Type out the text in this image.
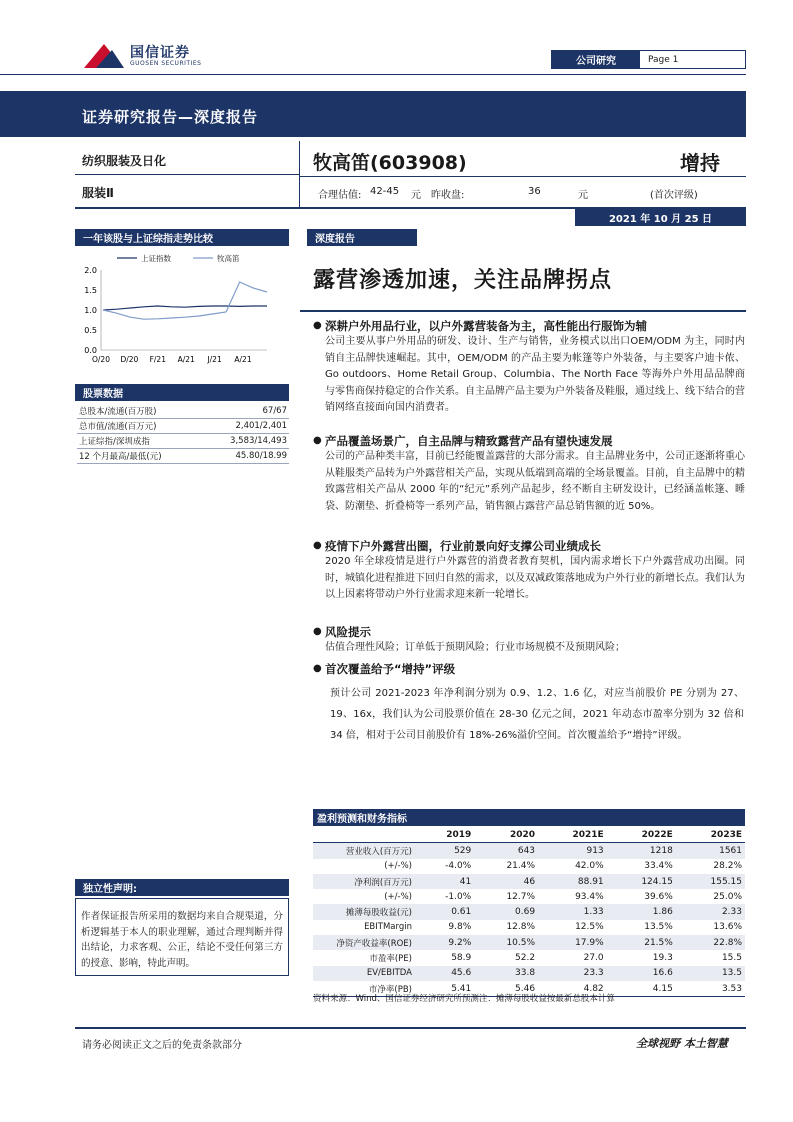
国信证券
GUOSEN SECURITIES	公司研究	Page 1
证券研究报告—深度报告
纺织服装及日化
服装Ⅱ
牧高笛(603908)	增持
合理估值: 42-45	元	昨收盘:	36	元	(首次评级)
2021 年 10 月 25 日
一年该股与上证综指走势比较
上证指数	牧高笛
2.0
1.5
1.0
0.5
0.0
O/20 D/20 F/21 A/21 J/21 A/21
股票数据
总股本/流通(百万股)	67/67
总市值/流通(百万元)	2,401/2,401
上证综指/深圳成指	3,583/14,493
12 个月最高/最低(元)	45.80/18.99
独立性声明:
作者保证报告所采用的数据均来自合规渠道，分析逻辑基于本人的职业理解，通过合理判断并得出结论，力求客观、公正，结论不受任何第三方的授意、影响，特此声明。
深度报告
露营渗透加速，关注品牌拐点
● 深耕户外用品行业，以户外露营装备为主，高性能出行服饰为辅
公司主要从事户外用品的研发、设计、生产与销售，业务模式以出口OEM/ODM 为主，同时内销自主品牌快速崛起。其中，OEM/ODM 的产品主要为帐篷等户外装备，与主要客户迪卡侬、Go outdoors、Home Retail Group、Columbia、The North Face 等海外户外用品品牌商与零售商保持稳定的合作关系。自主品牌产品主要为户外装备及鞋服，通过线上、线下结合的营销网络直接面向国内消费者。
● 产品覆盖场景广，自主品牌与精致露营产品有望快速发展
公司的产品种类丰富，目前已经能覆盖露营的大部分需求。自主品牌业务中，公司正逐渐将重心从鞋服类产品转为户外露营相关产品，实现从低端到高端的全场景覆盖。目前，自主品牌中的精致露营相关产品从 2000 年的“纪元”系列产品起步，经不断自主研发设计，已经涵盖帐篷、睡袋、防潮垫、折叠椅等一系列产品，销售额占露营产品总销售额的近 50%。
● 疫情下户外露营出圈，行业前景向好支撑公司业绩成长
2020 年全球疫情是进行户外露营的消费者教育契机，国内需求增长下户外露营成功出圈。同时，城镇化进程推进下回归自然的需求，以及双减政策落地成为户外行业的新增长点。我们认为以上因素将带动户外行业需求迎来新一轮增长。
● 风险提示
估值合理性风险；订单低于预期风险；行业市场规模不及预期风险；
● 首次覆盖给予“增持”评级
预计公司 2021-2023 年净利润分别为 0.9、1.2、1.6 亿，对应当前股价 PE 分别为 27、19、16x，我们认为公司股票价值在 28-30 亿元之间，2021 年动态市盈率分别为 32 倍和 34 倍，相对于公司目前股价有 18%-26%溢价空间。首次覆盖给予“增持”评级。
盈利预测和财务指标
	2019	2020	2021E	2022E	2023E
营业收入(百万元)	529	643	913	1218	1561
(+/-%)	-4.0%	21.4%	42.0%	33.4%	28.2%
净利润(百万元)	41	46	88.91	124.15	155.15
(+/-%)	-1.0%	12.7%	93.4%	39.6%	25.0%
摊薄每股收益(元)	0.61	0.69	1.33	1.86	2.33
EBITMargin	9.8%	12.8%	12.5%	13.5%	13.6%
净资产收益率(ROE)	9.2%	10.5%	17.9%	21.5%	22.8%
市盈率(PE)	58.9	52.2	27.0	19.3	15.5
EV/EBITDA	45.6	33.8	23.3	16.6	13.5
市净率(PB)	5.41	5.46	4.82	4.15	3.53
资料来源：Wind、国信证券经济研究所预测注：摊薄每股收益按最新总股本计算
请务必阅读正文之后的免责条款部分	全球视野 本土智慧
